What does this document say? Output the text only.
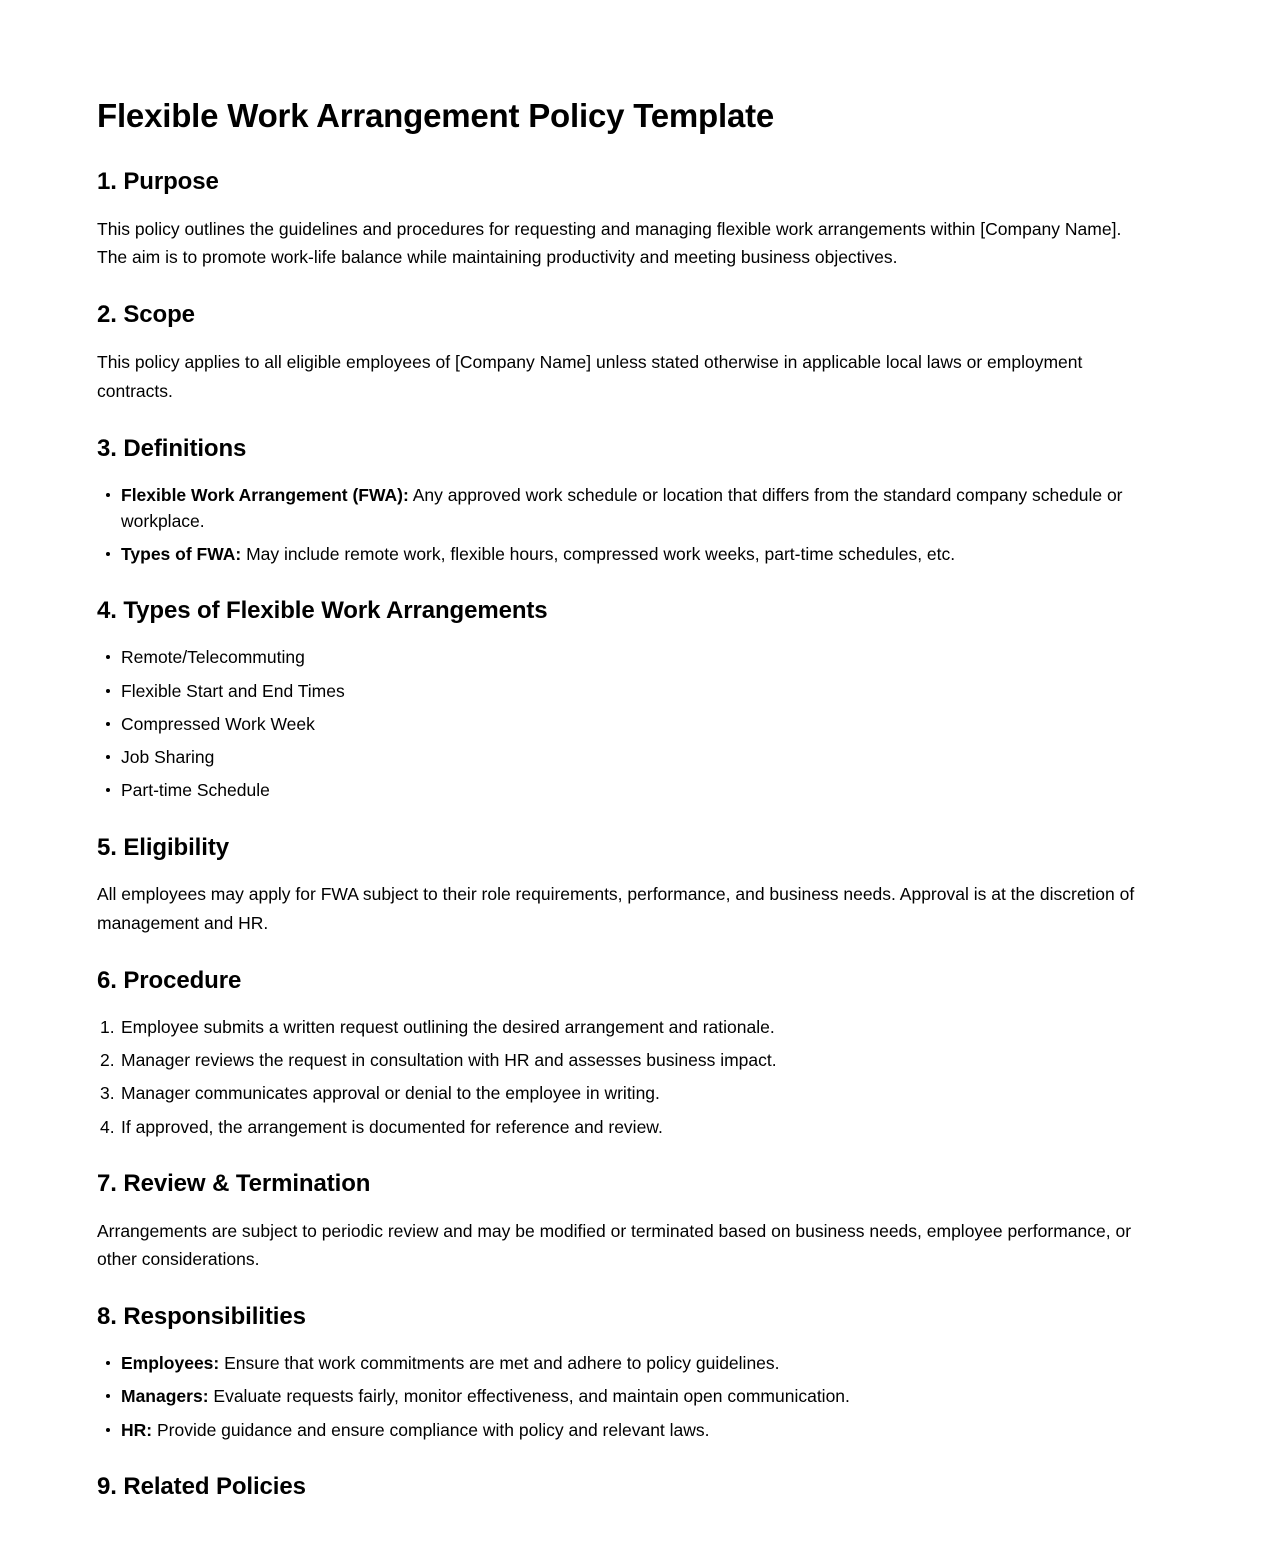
Flexible Work Arrangement Policy Template
1. Purpose

This policy outlines the guidelines and procedures for requesting and managing flexible work arrangements within [Company Name]. The aim is to promote work-life balance while maintaining productivity and meeting business objectives.

2. Scope

This policy applies to all eligible employees of [Company Name] unless stated otherwise in applicable local laws or employment contracts.

3. Definitions
Flexible Work Arrangement (FWA): Any approved work schedule or location that differs from the standard company schedule or workplace.
Types of FWA: May include remote work, flexible hours, compressed work weeks, part-time schedules, etc.
4. Types of Flexible Work Arrangements
Remote/Telecommuting
Flexible Start and End Times
Compressed Work Week
Job Sharing
Part-time Schedule
5. Eligibility

All employees may apply for FWA subject to their role requirements, performance, and business needs. Approval is at the discretion of management and HR.

6. Procedure
Employee submits a written request outlining the desired arrangement and rationale.
Manager reviews the request in consultation with HR and assesses business impact.
Manager communicates approval or denial to the employee in writing.
If approved, the arrangement is documented for reference and review.
7. Review & Termination

Arrangements are subject to periodic review and may be modified or terminated based on business needs, employee performance, or other considerations.

8. Responsibilities
Employees: Ensure that work commitments are met and adhere to policy guidelines.
Managers: Evaluate requests fairly, monitor effectiveness, and maintain open communication.
HR: Provide guidance and ensure compliance with policy and relevant laws.
9. Related Policies
